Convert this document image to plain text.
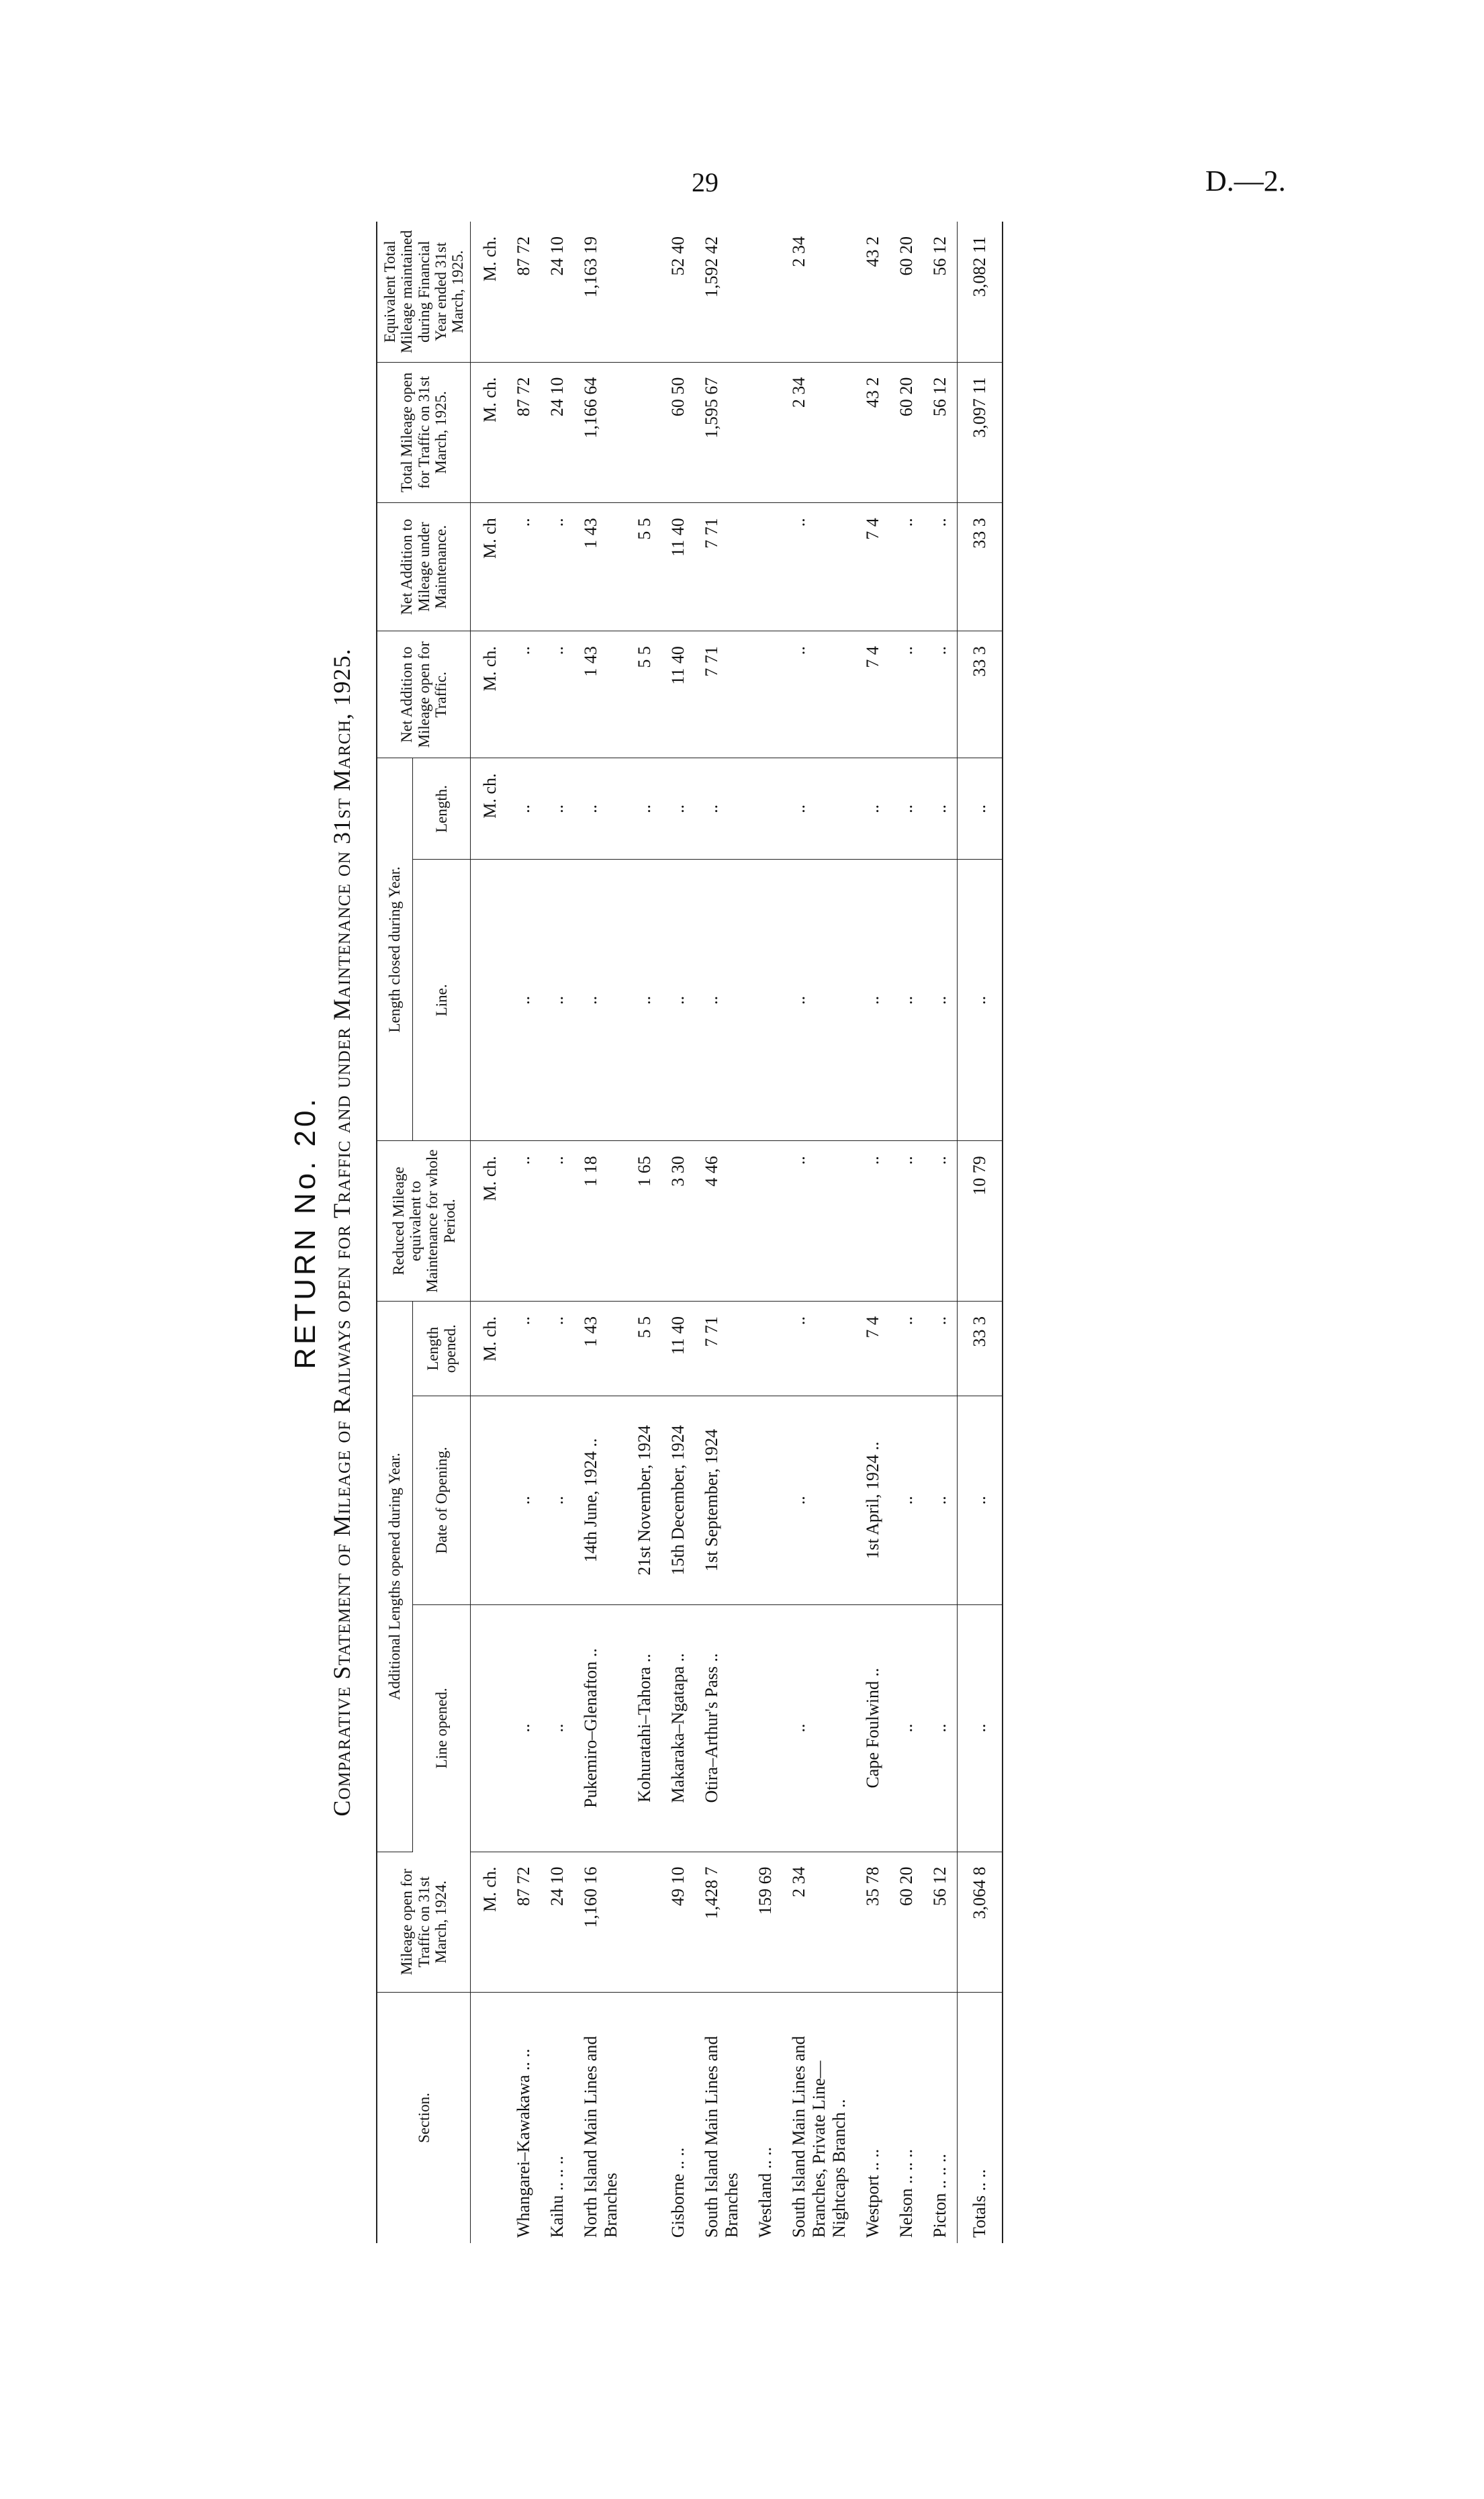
29	D.—2.
RETURN No. 20. Comparative Statement of Mileage of Railways open for Traffic and under Maintenance on 31st March, 1925.
Section.	Mileage open for Traffic on 31st March, 1924.	Additional Lengths opened during Year.			Reduced Mileage equivalent to Maintenance for whole Period.	Length closed during Year.		Net Addition to Mileage open for Traffic.	Net Addition to Mileage under Maintenance.	Total Mileage open for Traffic on 31st March, 1925.	Equivalent Total Mileage maintained during Financial Year ended 31st March, 1925.
		Line opened.	Date of Opening.	Length opened.		Line.	Length.				
	M. ch.			M. ch.	M. ch.		M. ch.	M. ch.	M. ch	M. ch.	M. ch.
Whangarei–Kawakawa .. ..	87 72	..	..	..	..	..	..	..	..	87 72	87 72
Kaihu .. .. ..	24 10	..	..	..	..	..	..	..	..	24 10	24 10
North Island Main Lines and Branches	1,160 16	Pukemiro–Glenafton ..	14th June, 1924 ..	1 43	1 18	..	..	1 43	1 43	1,166 64	1,163 19
		Kohuratahi–Tahora ..	21st November, 1924	5 5	1 65	..	..	5 5	5 5		
Gisborne .. ..	49 10	Makaraka–Ngatapa ..	15th December, 1924	11 40	3 30	..	..	11 40	11 40	60 50	52 40
South Island Main Lines and Branches	1,428 7	Otira–Arthur's Pass ..	1st September, 1924	7 71	4 46	..	..	7 71	7 71	1,595 67	1,592 42
Westland .. ..	159 69										
South Island Main Lines and Branches, Private Line—Nightcaps Branch ..	2 34	..	..	..	..	..	..	..	..	2 34	2 34
Westport .. ..	35 78	Cape Foulwind ..	1st April, 1924 ..	7 4	..	..	..	7 4	7 4	43 2	43 2
Nelson .. .. ..	60 20	..	..	..	..	..	..	..	..	60 20	60 20
Picton .. .. ..	56 12	..	..	..	..	..	..	..	..	56 12	56 12
Totals .. ..	3,064 8	..	..	33 3	10 79	..	..	33 3	33 3	3,097 11	3,082 11
